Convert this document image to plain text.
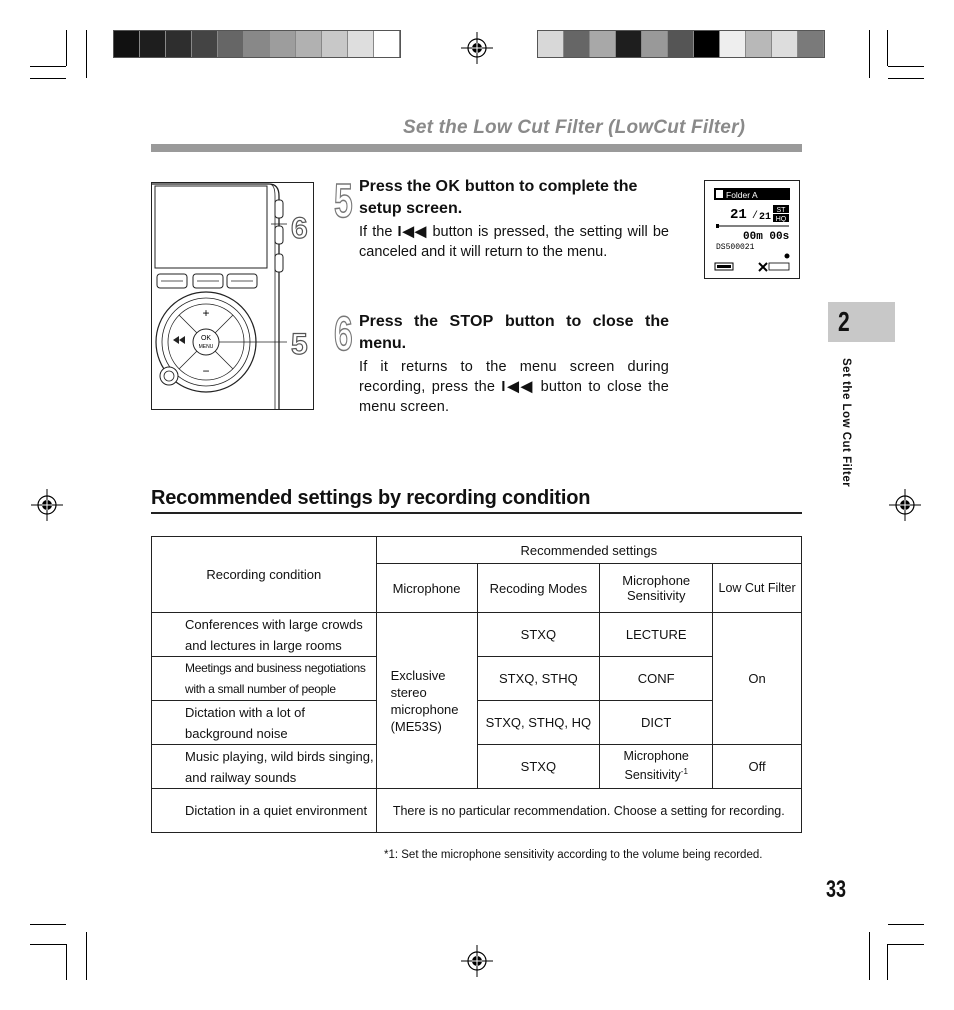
Set the Low Cut Filter (LowCut Filter)
OK
MENU
+
−
6
5
5 Press the OK button to complete the setup screen.
If the I◀◀ button is pressed, the setting will be canceled and it will return to the menu.
Folder A
21 / 21
ST
HQ
00m 00s
DS500021
6 Press the STOP button to close the menu.
If it returns to the menu screen during recording, press the I◀◀ button to close the menu screen.
2
Set the Low Cut Filter
Recommended settings by recording condition
Recording condition	Recommended settings			
	Microphone	Recoding Modes	Microphone Sensitivity	Low Cut Filter
Conferences with large crowds and lectures in large rooms	Exclusive stereo microphone (ME53S)	STXQ	LECTURE	On
Meetings and business negotiations with a small number of people		STXQ, STHQ	CONF	
Dictation with a lot of background noise		STXQ, STHQ, HQ	DICT	
Music playing, wild birds singing, and railway sounds		STXQ	Microphone Sensitivity$^{-1}$	Off
Dictation in a quiet environment	There is no particular recommendation. Choose a setting for recording.			
*1: Set the microphone sensitivity according to the volume being recorded.
33
